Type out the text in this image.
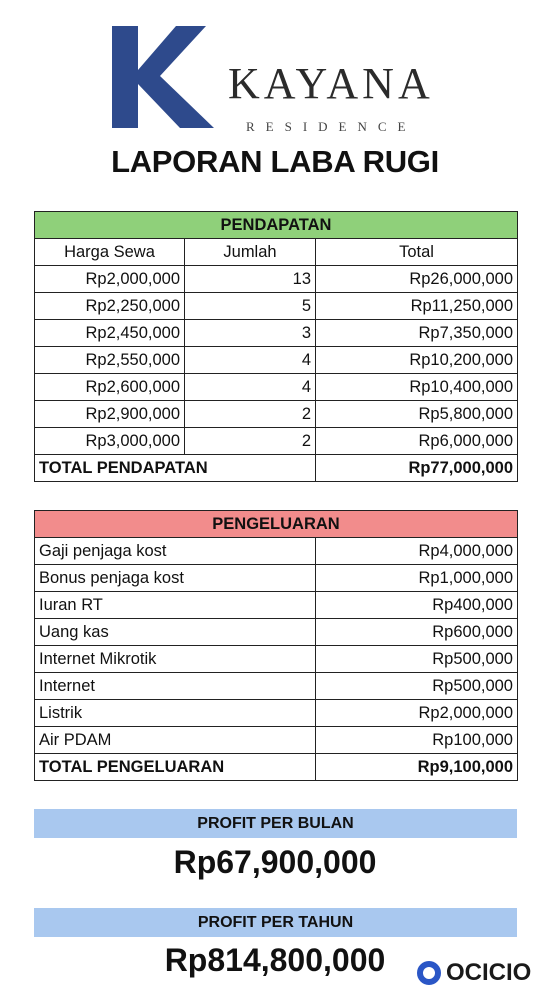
KAYANA
RESIDENCE
LAPORAN LABA RUGI
PENDAPATAN		
Harga Sewa	Jumlah	Total
Rp2,000,000	13	Rp26,000,000
Rp2,250,000	5	Rp11,250,000
Rp2,450,000	3	Rp7,350,000
Rp2,550,000	4	Rp10,200,000
Rp2,600,000	4	Rp10,400,000
Rp2,900,000	2	Rp5,800,000
Rp3,000,000	2	Rp6,000,000
TOTAL PENDAPATAN		Rp77,000,000
PENGELUARAN	
Gaji penjaga kost	Rp4,000,000
Bonus penjaga kost	Rp1,000,000
Iuran RT	Rp400,000
Uang kas	Rp600,000
Internet Mikrotik	Rp500,000
Internet	Rp500,000
Listrik	Rp2,000,000
Air PDAM	Rp100,000
TOTAL PENGELUARAN	Rp9,100,000
PROFIT PER BULAN
Rp67,900,000
PROFIT PER TAHUN
Rp814,800,000	OCICIO
